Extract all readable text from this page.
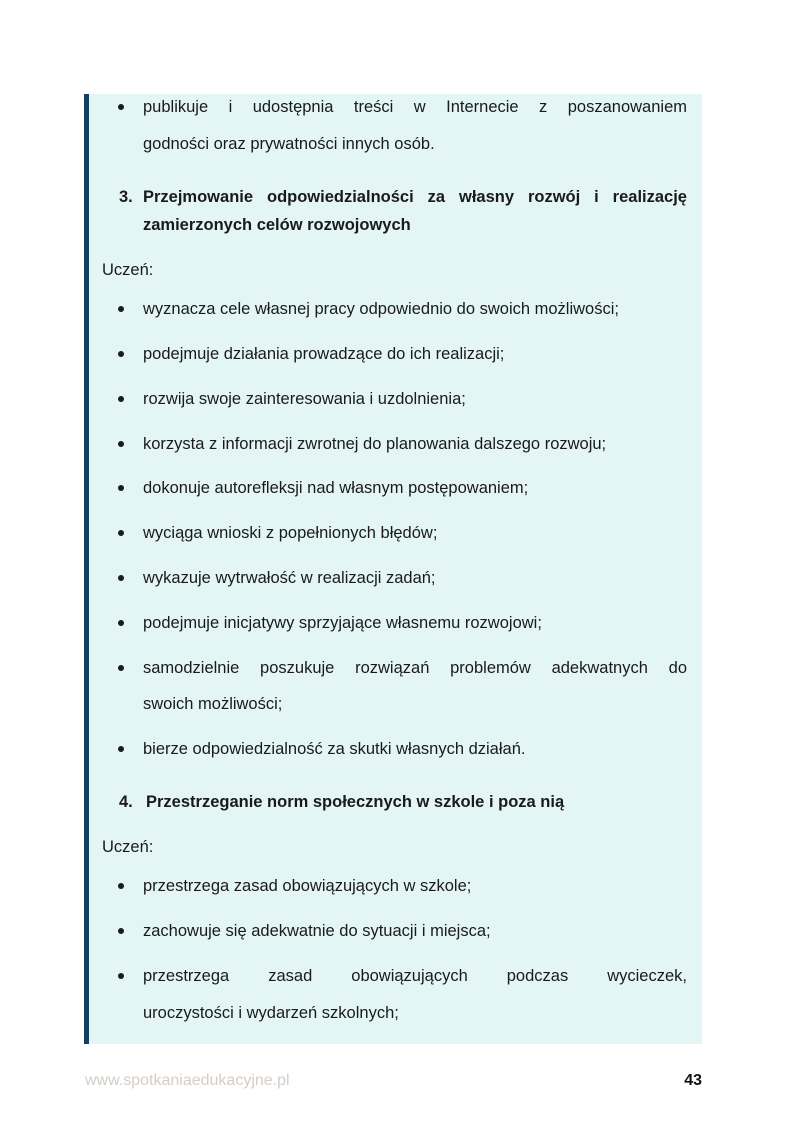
publikuje i udostępnia treści w Internecie z poszanowaniem
godności oraz prywatności innych osób.
3. Przejmowanie odpowiedzialności za własny rozwój i realizację
zamierzonych celów rozwojowych
Uczeń:
wyznacza cele własnej pracy odpowiednio do swoich możliwości;
podejmuje działania prowadzące do ich realizacji;
rozwija swoje zainteresowania i uzdolnienia;
korzysta z informacji zwrotnej do planowania dalszego rozwoju;
dokonuje autorefleksji nad własnym postępowaniem;
wyciąga wnioski z popełnionych błędów;
wykazuje wytrwałość w realizacji zadań;
podejmuje inicjatywy sprzyjające własnemu rozwojowi;
samodzielnie poszukuje rozwiązań problemów adekwatnych do
swoich możliwości;
bierze odpowiedzialność za skutki własnych działań.
4. Przestrzeganie norm społecznych w szkole i poza nią
Uczeń:
przestrzega zasad obowiązujących w szkole;
zachowuje się adekwatnie do sytuacji i miejsca;
przestrzega zasad obowiązujących podczas wycieczek,
uroczystości i wydarzeń szkolnych;
www.spotkaniaedukacyjne.pl	43
